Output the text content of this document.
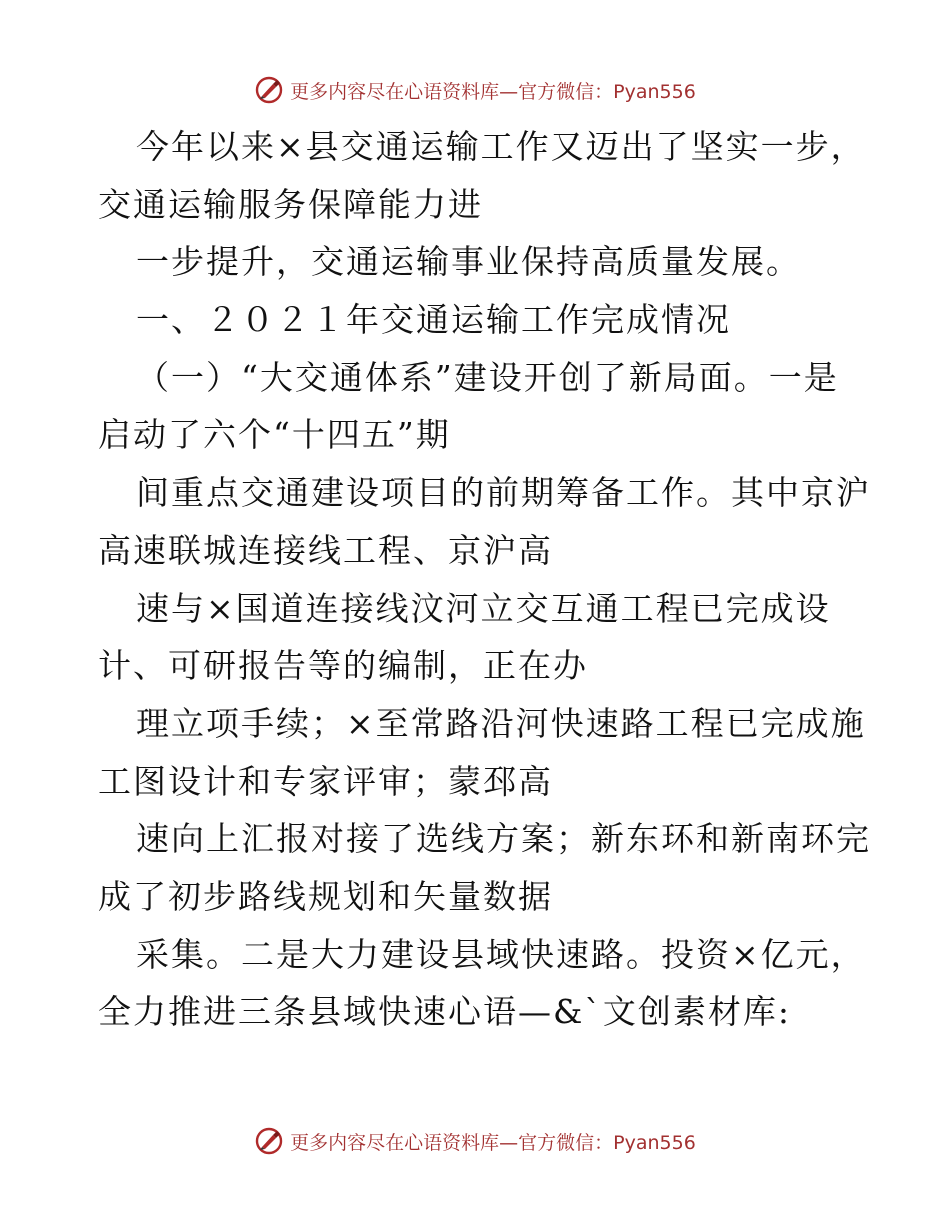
更多内容尽在心语资料库—官方微信：Pyan556
今年以来×县交通运输工作又迈出了坚实一步，
交通运输服务保障能力进
一步提升，交通运输事业保持高质量发展。
一、２０２１年交通运输工作完成情况
（一）“大交通体系”建设开创了新局面。一是
启动了六个“十四五”期
间重点交通建设项目的前期筹备工作。其中京沪
高速联城连接线工程、京沪高
速与×国道连接线汶河立交互通工程已完成设
计、可研报告等的编制，正在办
理立项手续；×至常路沿河快速路工程已完成施
工图设计和专家评审；蒙邳高
速向上汇报对接了选线方案；新东环和新南环完
成了初步路线规划和矢量数据
采集。二是大力建设县域快速路。投资×亿元，
全力推进三条县域快速心语—&`文创素材库:
更多内容尽在心语资料库—官方微信：Pyan556
